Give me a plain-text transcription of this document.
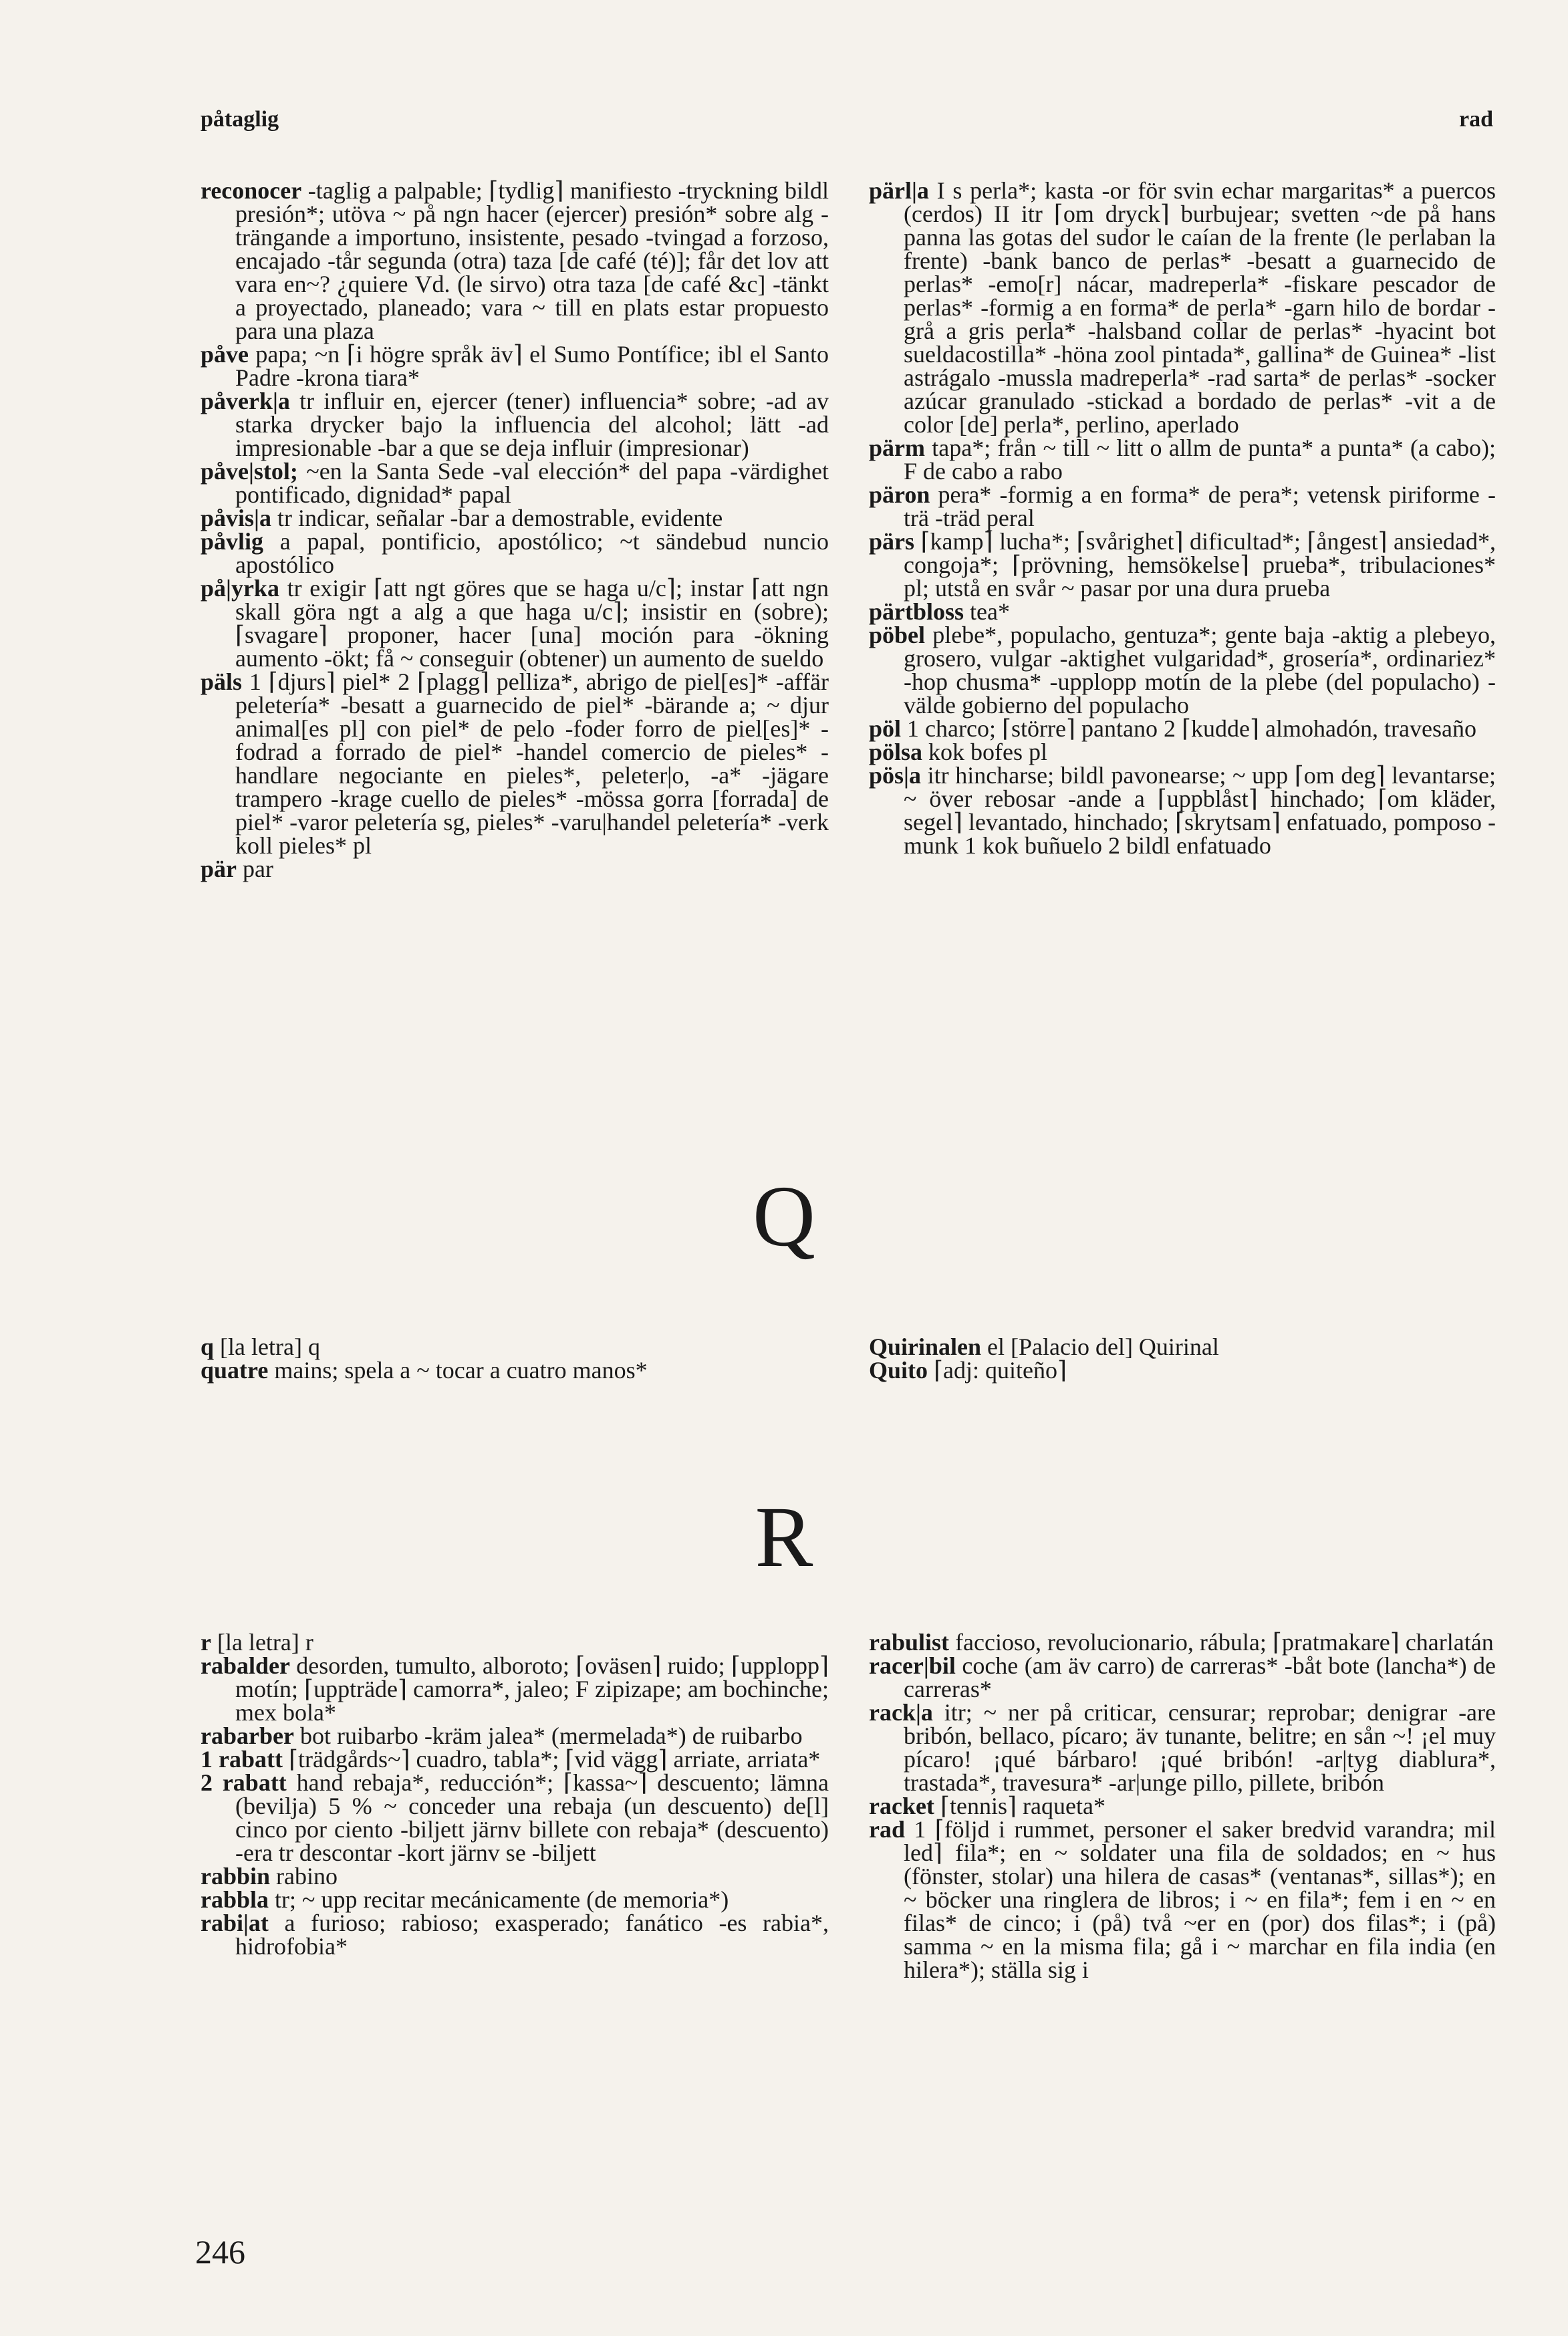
påtaglig	rad

reconocer -taglig a palpable; ⌈tydlig⌉ manifiesto -tryckning bildl presión*; utöva ~ på ngn hacer (ejercer) presión* sobre alg -trängande a importuno, insistente, pesado -tvingad a forzoso, encajado -tår segunda (otra) taza [de café (té)]; får det lov att vara en~? ¿quiere Vd. (le sirvo) otra taza [de café &c] -tänkt a proyectado, planeado; vara ~ till en plats estar propuesto para una plaza

påve papa; ~n ⌈i högre språk äv⌉ el Sumo Pontífice; ibl el Santo Padre -krona tiara*

påverk|a tr influir en, ejercer (tener) influencia* sobre; -ad av starka drycker bajo la influencia del alcohol; lätt -ad impresionable -bar a que se deja influir (impresionar)

påve|stol; ~en la Santa Sede -val elección* del papa -värdighet pontificado, dignidad* papal

påvis|a tr indicar, señalar -bar a demostrable, evidente

påvlig a papal, pontificio, apostólico; ~t sändebud nuncio apostólico

på|yrka tr exigir ⌈att ngt göres que se haga u/c⌉; instar ⌈att ngn skall göra ngt a alg a que haga u/c⌉; insistir en (sobre); ⌈svagare⌉ proponer, hacer [una] moción para -ökning aumento -ökt; få ~ conseguir (obtener) un aumento de sueldo

päls 1 ⌈djurs⌉ piel* 2 ⌈plagg⌉ pelliza*, abrigo de piel[es]* -affär peletería* -besatt a guarnecido de piel* -bärande a; ~ djur animal[es pl] con piel* de pelo -foder forro de piel[es]* -fodrad a forrado de piel* -handel comercio de pieles* -handlare negociante en pieles*, peleter|o, -a* -jägare trampero -krage cuello de pieles* -mössa gorra [forrada] de piel* -varor peletería sg, pieles* -varu|handel peletería* -verk koll pieles* pl

pär par

pärl|a I s perla*; kasta -or för svin echar margaritas* a puercos (cerdos) II itr ⌈om dryck⌉ burbujear; svetten ~de på hans panna las gotas del sudor le caían de la frente (le perlaban la frente) -bank banco de perlas* -besatt a guarnecido de perlas* -emo[r] nácar, madreperla* -fiskare pescador de perlas* -formig a en forma* de perla* -garn hilo de bordar -grå a gris perla* -halsband collar de perlas* -hyacint bot sueldacostilla* -höna zool pintada*, gallina* de Guinea* -list astrágalo -mussla madreperla* -rad sarta* de perlas* -socker azúcar granulado -stickad a bordado de perlas* -vit a de color [de] perla*, perlino, aperlado

pärm tapa*; från ~ till ~ litt o allm de punta* a punta* (a cabo); F de cabo a rabo

päron pera* -formig a en forma* de pera*; vetensk piriforme -trä -träd peral

pärs ⌈kamp⌉ lucha*; ⌈svårighet⌉ dificultad*; ⌈ångest⌉ ansiedad*, congoja*; ⌈prövning, hemsökelse⌉ prueba*, tribulaciones* pl; utstå en svår ~ pasar por una dura prueba

pärtbloss tea*

pöbel plebe*, populacho, gentuza*; gente baja -aktig a plebeyo, grosero, vulgar -aktighet vulgaridad*, grosería*, ordinariez* -hop chusma* -upplopp motín de la plebe (del populacho) -välde gobierno del populacho

pöl 1 charco; ⌈större⌉ pantano 2 ⌈kudde⌉ almohadón, travesaño

pölsa kok bofes pl

pös|a itr hincharse; bildl pavonearse; ~ upp ⌈om deg⌉ levantarse; ~ över rebosar -ande a ⌈uppblåst⌉ hinchado; ⌈om kläder, segel⌉ levantado, hinchado; ⌈skrytsam⌉ enfatuado, pomposo -munk 1 kok buñuelo 2 bildl enfatuado

Q

q [la letra] q

quatre mains; spela a ~ tocar a cuatro manos*

Quirinalen el [Palacio del] Quirinal

Quito ⌈adj: quiteño⌉

R

r [la letra] r

rabalder desorden, tumulto, alboroto; ⌈oväsen⌉ ruido; ⌈upplopp⌉ motín; ⌈uppträde⌉ camorra*, jaleo; F zipizape; am bochinche; mex bola*

rabarber bot ruibarbo -kräm jalea* (mermelada*) de ruibarbo

1 rabatt ⌈trädgårds~⌉ cuadro, tabla*; ⌈vid vägg⌉ arriate, arriata*

2 rabatt hand rebaja*, reducción*; ⌈kassa~⌉ descuento; lämna (bevilja) 5 % ~ conceder una rebaja (un descuento) de[l] cinco por ciento -biljett järnv billete con rebaja* (descuento) -era tr descontar -kort järnv se -biljett

rabbin rabino

rabbla tr; ~ upp recitar mecánicamente (de memoria*)

rabi|at a furioso; rabioso; exasperado; fanático -es rabia*, hidrofobia*

rabulist faccioso, revolucionario, rábula; ⌈pratmakare⌉ charlatán

racer|bil coche (am äv carro) de carreras* -båt bote (lancha*) de carreras*

rack|a itr; ~ ner på criticar, censurar; reprobar; denigrar -are bribón, bellaco, pícaro; äv tunante, belitre; en sån ~! ¡el muy pícaro! ¡qué bárbaro! ¡qué bribón! -ar|tyg diablura*, trastada*, travesura* -ar|unge pillo, pillete, bribón

racket ⌈tennis⌉ raqueta*

rad 1 ⌈följd i rummet, personer el saker bredvid varandra; mil led⌉ fila*; en ~ soldater una fila de soldados; en ~ hus (fönster, stolar) una hilera de casas* (ventanas*, sillas*); en ~ böcker una ringlera de libros; i ~ en fila*; fem i en ~ en filas* de cinco; i (på) två ~er en (por) dos filas*; i (på) samma ~ en la misma fila; gå i ~ marchar en fila india (en hilera*); ställa sig i

246
